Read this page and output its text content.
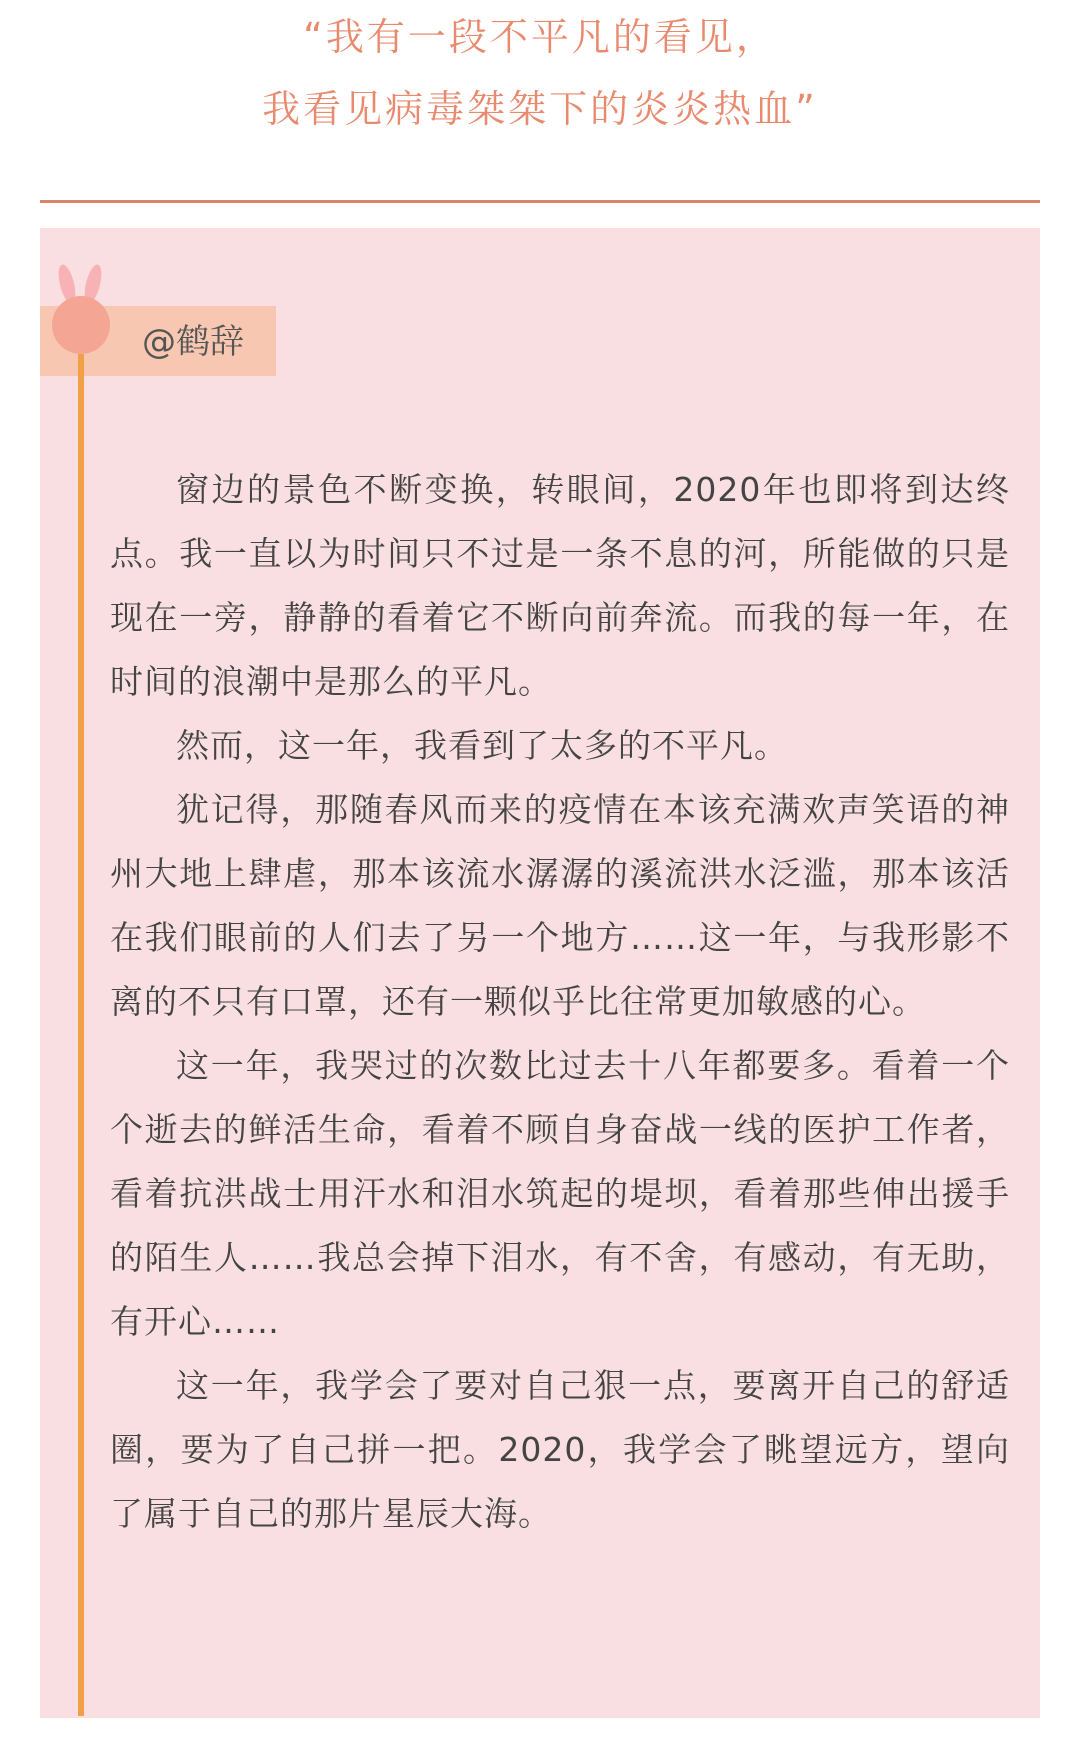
“我有一段不平凡的看见，
我看见病毒桀桀下的炎炎热血”
@鹤辞

窗边的景色不断变换，转眼间，2020年也即将到达终点。我一直以为时间只不过是一条不息的河，所能做的只是现在一旁，静静的看着它不断向前奔流。而我的每一年，在时间的浪潮中是那么的平凡。

然而，这一年，我看到了太多的不平凡。

犹记得，那随春风而来的疫情在本该充满欢声笑语的神州大地上肆虐，那本该流水潺潺的溪流洪水泛滥，那本该活在我们眼前的人们去了另一个地方……这一年，与我形影不离的不只有口罩，还有一颗似乎比往常更加敏感的心。

这一年，我哭过的次数比过去十八年都要多。看着一个个逝去的鲜活生命，看着不顾自身奋战一线的医护工作者，看着抗洪战士用汗水和泪水筑起的堤坝，看着那些伸出援手的陌生人……我总会掉下泪水，有不舍，有感动，有无助，有开心……

这一年，我学会了要对自己狠一点，要离开自己的舒适圈，要为了自己拼一把。2020，我学会了眺望远方，望向了属于自己的那片星辰大海。
